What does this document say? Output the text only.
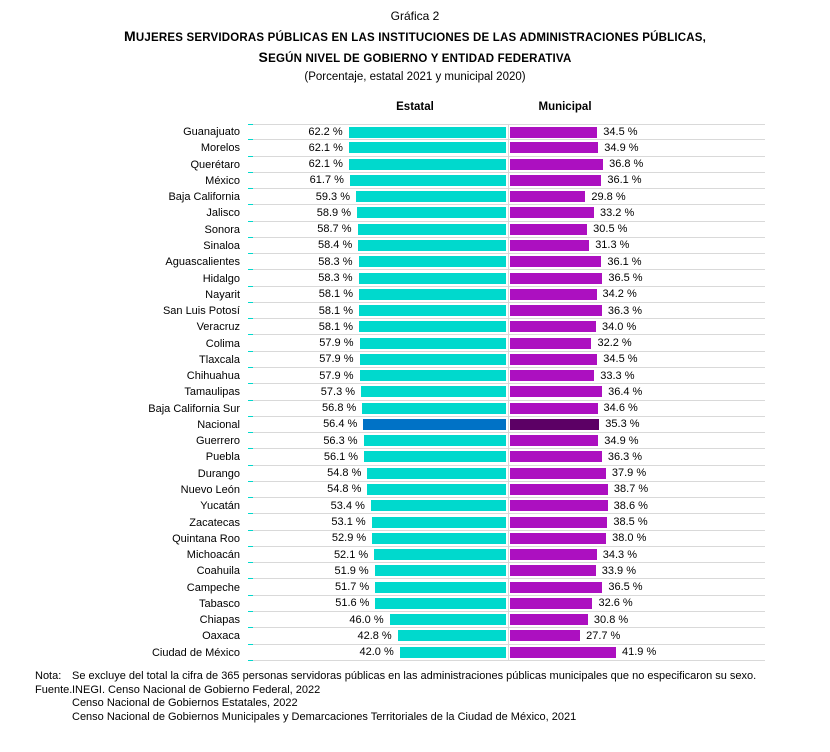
Gráfica 2
MUJERES SERVIDORAS PÚBLICAS EN LAS INSTITUCIONES DE LAS ADMINISTRACIONES PÚBLICAS,
SEGÚN NIVEL DE GOBIERNO Y ENTIDAD FEDERATIVA
(Porcentaje, estatal 2021 y municipal 2020)
Estatal	Municipal
Guanajuato	62.2 %	34.5 %
Morelos	62.1 %	34.9 %
Querétaro	62.1 %	36.8 %
México	61.7 %	36.1 %
Baja California	59.3 %	29.8 %
Jalisco	58.9 %	33.2 %
Sonora	58.7 %	30.5 %
Sinaloa	58.4 %	31.3 %
Aguascalientes	58.3 %	36.1 %
Hidalgo	58.3 %	36.5 %
Nayarit	58.1 %	34.2 %
San Luis Potosí	58.1 %	36.3 %
Veracruz	58.1 %	34.0 %
Colima	57.9 %	32.2 %
Tlaxcala	57.9 %	34.5 %
Chihuahua	57.9 %	33.3 %
Tamaulipas	57.3 %	36.4 %
Baja California Sur	56.8 %	34.6 %
Nacional	56.4 %	35.3 %
Guerrero	56.3 %	34.9 %
Puebla	56.1 %	36.3 %
Durango	54.8 %	37.9 %
Nuevo León	54.8 %	38.7 %
Yucatán	53.4 %	38.6 %
Zacatecas	53.1 %	38.5 %
Quintana Roo	52.9 %	38.0 %
Michoacán	52.1 %	34.3 %
Coahuila	51.9 %	33.9 %
Campeche	51.7 %	36.5 %
Tabasco	51.6 %	32.6 %
Chiapas	46.0 %	30.8 %
Oaxaca	42.8 %	27.7 %
Ciudad de México	42.0 %	41.9 %
Nota: Se excluye del total la cifra de 365 personas servidoras públicas en las administraciones públicas municipales que no especificaron su sexo.
Fuente. INEGI. Censo Nacional de Gobierno Federal, 2022
Censo Nacional de Gobiernos Estatales, 2022
Censo Nacional de Gobiernos Municipales y Demarcaciones Territoriales de la Ciudad de México, 2021
